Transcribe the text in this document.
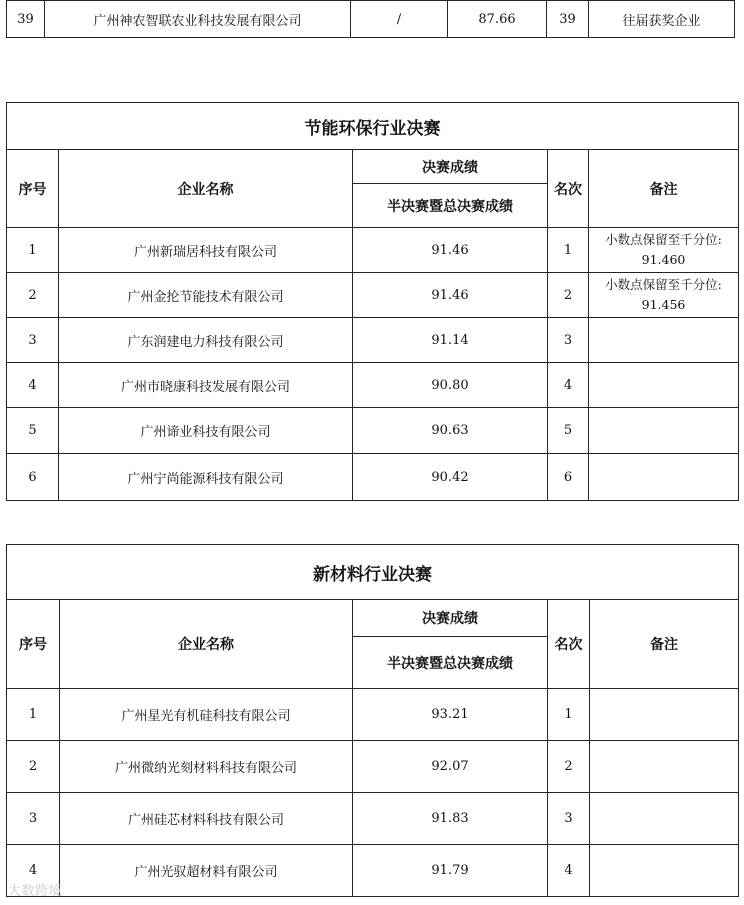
39	广州神农智联农业科技发展有限公司	/	87.66	39	往届获奖企业
节能环保行业决赛				
序号	企业名称	决赛成绩	名次	备注
		半决赛暨总决赛成绩		
1	广州新瑞居科技有限公司	91.46	1	小数点保留至千分位:
91.460

2	广州金抡节能技术有限公司	91.46	2	小数点保留至千分位:
91.456

3	广东润建电力科技有限公司	91.14	3	
4	广州市晓康科技发展有限公司	90.80	4	
5	广州谛业科技有限公司	90.63	5	
6	广州宁尚能源科技有限公司	90.42	6	
新材料行业决赛				
序号	企业名称	决赛成绩	名次	备注
		半决赛暨总决赛成绩		
1	广州星光有机硅科技有限公司	93.21	1	
2	广州微纳光刻材料科技有限公司	92.07	2	
3	广州硅芯材料科技有限公司	91.83	3	
4	广州光驭超材料有限公司	91.79	4	
大数跨境
